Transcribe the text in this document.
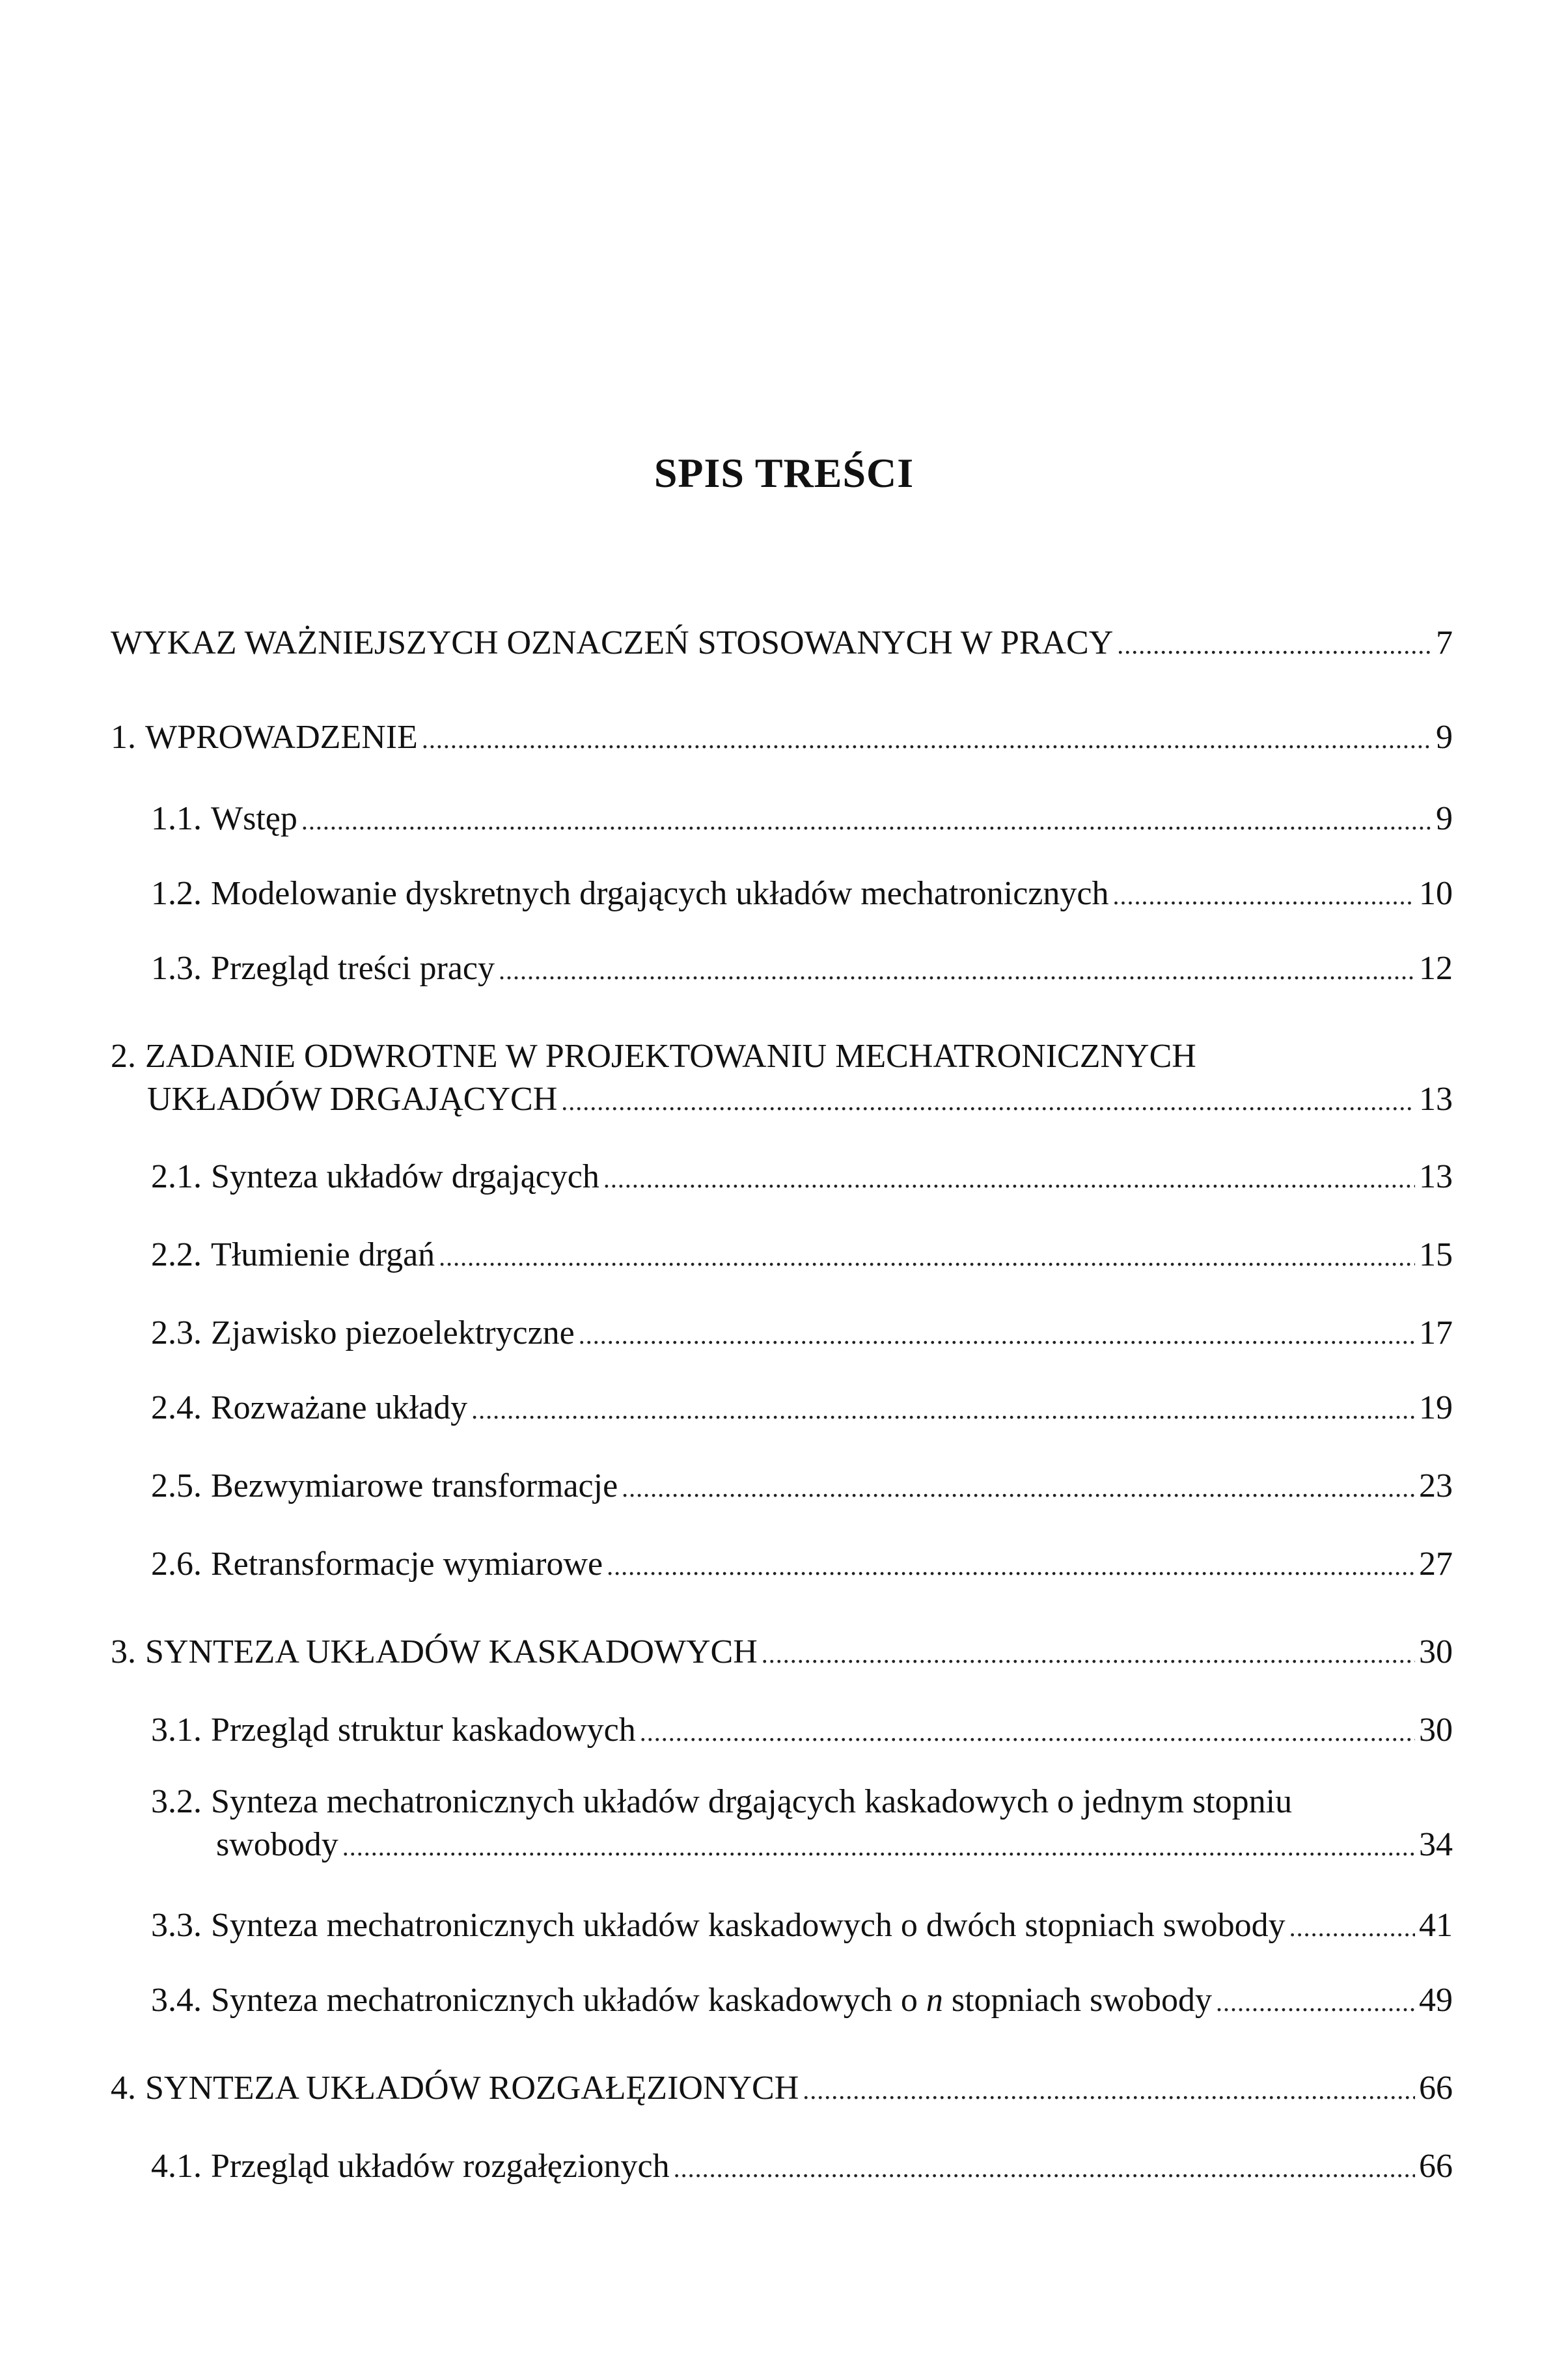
SPIS TREŚCI
WYKAZ WAŻNIEJSZYCH OZNACZEŃ STOSOWANYCH W PRACY .....	7
1. WPROWADZENIE .....	9
1.1. Wstęp .....	9
1.2. Modelowanie dyskretnych drgających układów mechatronicznych .....	10
1.3. Przegląd treści pracy .....	12
2. ZADANIE ODWROTNE W PROJEKTOWANIU MECHATRONICZNYCH
UKŁADÓW DRGAJĄCYCH .....	13
2.1. Synteza układów drgających .....	13
2.2. Tłumienie drgań .....	15
2.3. Zjawisko piezoelektryczne .....	17
2.4. Rozważane układy .....	19
2.5. Bezwymiarowe transformacje .....	23
2.6. Retransformacje wymiarowe .....	27
3. SYNTEZA UKŁADÓW KASKADOWYCH .....	30
3.1. Przegląd struktur kaskadowych .....	30
3.2. Synteza mechatronicznych układów drgających kaskadowych o jednym stopniu
swobody .....	34
3.3. Synteza mechatronicznych układów kaskadowych o dwóch stopniach swobody .....	41
3.4. Synteza mechatronicznych układów kaskadowych o n stopniach swobody .....	49
4. SYNTEZA UKŁADÓW ROZGAŁĘZIONYCH .....	66
4.1. Przegląd układów rozgałęzionych .....	66
